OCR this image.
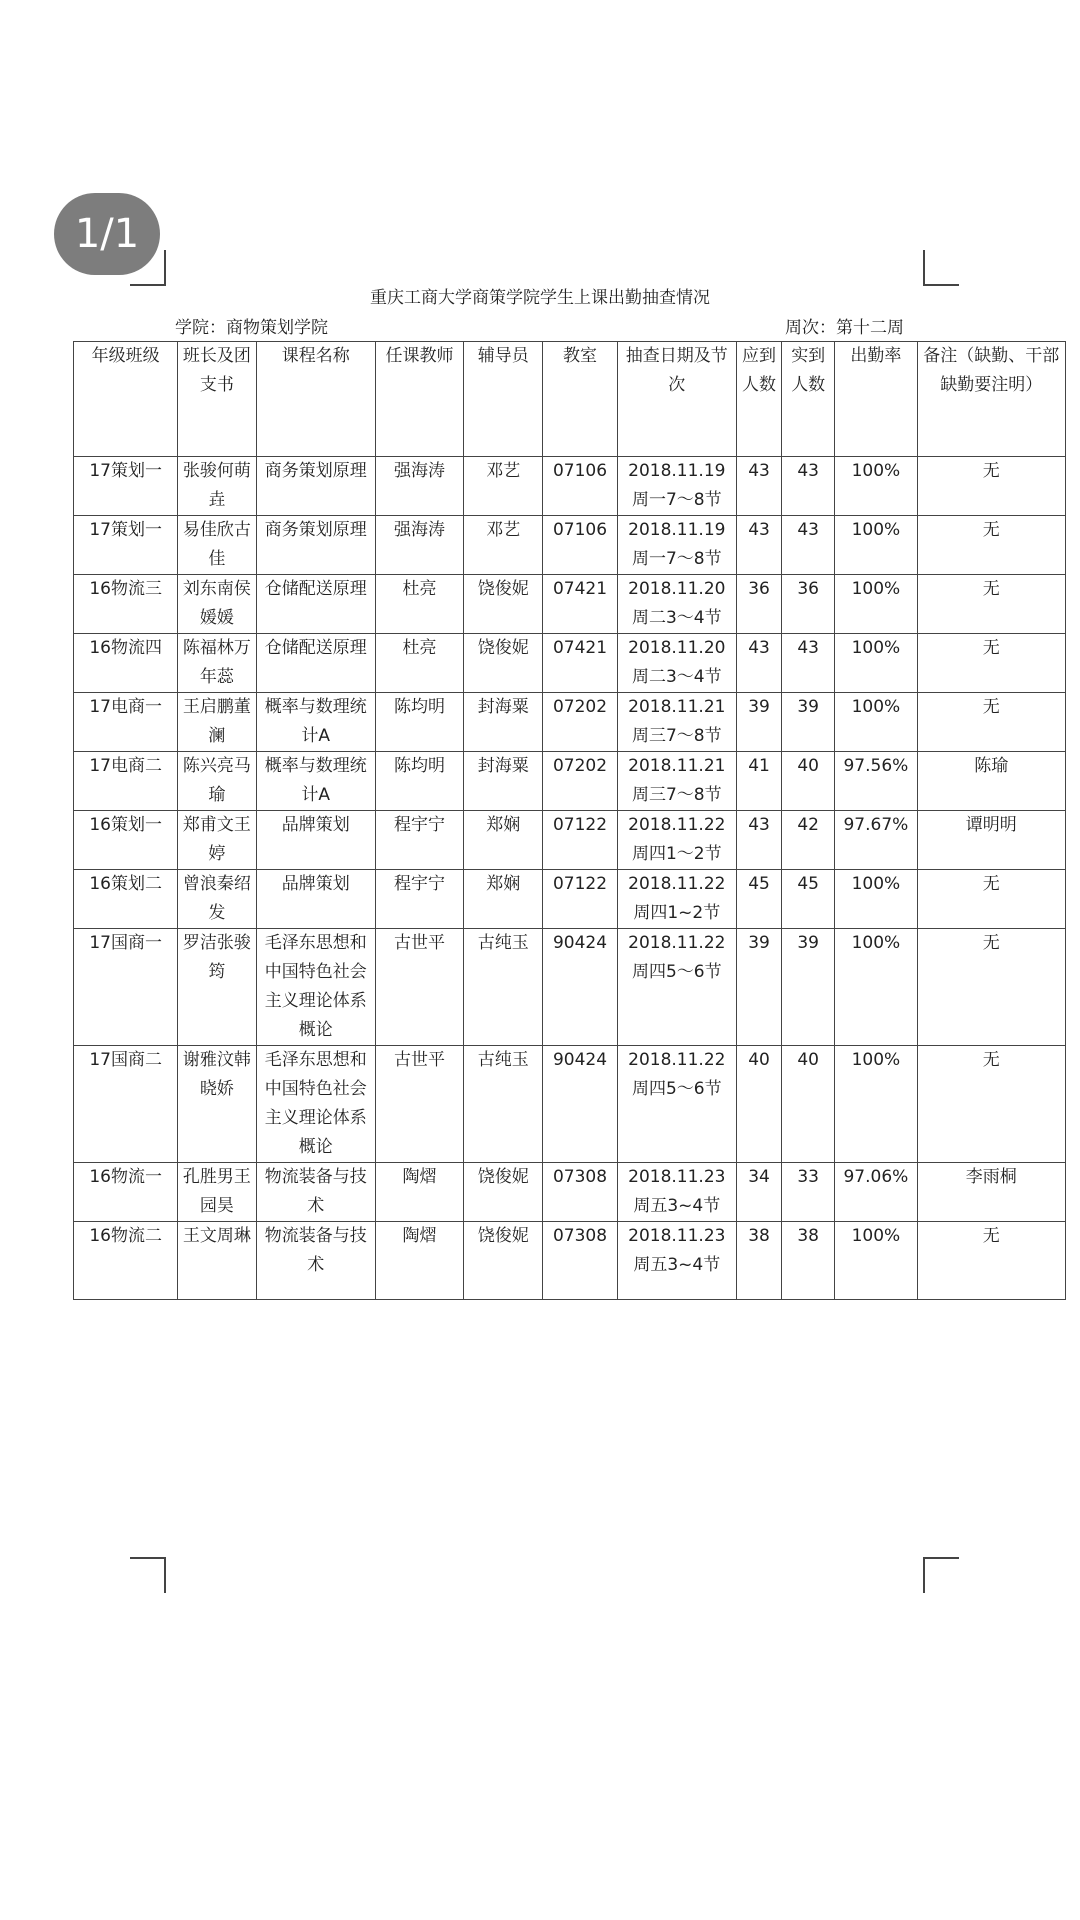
1/1
重庆工商大学商策学院学生上课出勤抽查情况
学院：商物策划学院	周次：第十二周
年级班级	班长及团支书	课程名称	任课教师	辅导员	教室	抽查日期及节次	应到人数	实到人数	出勤率	备注（缺勤、干部缺勤要注明）
17策划一	张骏何萌垚	商务策划原理	强海涛	邓艺	07106	2018.11.19周一7～8节	43	43	100%	无
17策划一	易佳欣古佳	商务策划原理	强海涛	邓艺	07106	2018.11.19周一7～8节	43	43	100%	无
16物流三	刘东南侯媛媛	仓储配送原理	杜亮	饶俊妮	07421	2018.11.20周二3～4节	36	36	100%	无
16物流四	陈福林万年蕊	仓储配送原理	杜亮	饶俊妮	07421	2018.11.20周二3～4节	43	43	100%	无
17电商一	王启鹏董澜	概率与数理统计A	陈均明	封海粟	07202	2018.11.21周三7～8节	39	39	100%	无
17电商二	陈兴亮马瑜	概率与数理统计A	陈均明	封海粟	07202	2018.11.21周三7～8节	41	40	97.56%	陈瑜
16策划一	郑甫文王婷	品牌策划	程宇宁	郑娴	07122	2018.11.22周四1～2节	43	42	97.67%	谭明明
16策划二	曾浪秦绍发	品牌策划	程宇宁	郑娴	07122	2018.11.22周四1~2节	45	45	100%	无
17国商一	罗洁张骏筠	毛泽东思想和中国特色社会主义理论体系概论	古世平	古纯玉	90424	2018.11.22周四5～6节	39	39	100%	无
17国商二	谢雅汶韩晓娇	毛泽东思想和中国特色社会主义理论体系概论	古世平	古纯玉	90424	2018.11.22周四5～6节	40	40	100%	无
16物流一	孔胜男王园昊	物流装备与技术	陶熠	饶俊妮	07308	2018.11.23周五3~4节	34	33	97.06%	李雨桐
16物流二	王文周琳	物流装备与技术	陶熠	饶俊妮	07308	2018.11.23周五3~4节	38	38	100%	无
